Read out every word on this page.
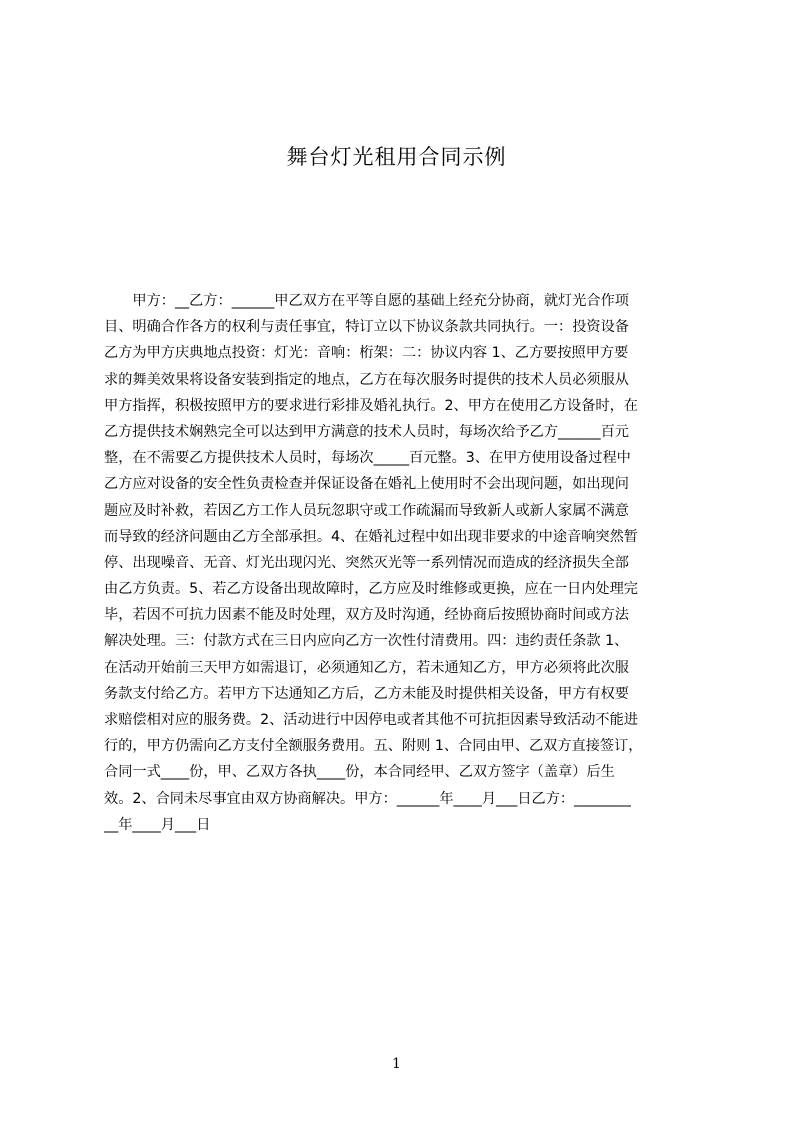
舞台灯光租用合同示例
　　甲方：__乙方：______甲乙双方在平等自愿的基础上经充分协商，就灯光合作项
目、明确合作各方的权利与责任事宜，特订立以下协议条款共同执行。一：投资设备
乙方为甲方庆典地点投资：灯光：音响：桁架：二：协议内容 1、乙方要按照甲方要
求的舞美效果将设备安装到指定的地点，乙方在每次服务时提供的技术人员必须服从
甲方指挥，积极按照甲方的要求进行彩排及婚礼执行。2、甲方在使用乙方设备时，在
乙方提供技术娴熟完全可以达到甲方满意的技术人员时，每场次给予乙方______百元
整，在不需要乙方提供技术人员时，每场次_____百元整。3、在甲方使用设备过程中
乙方应对设备的安全性负责检查并保证设备在婚礼上使用时不会出现问题，如出现问
题应及时补救，若因乙方工作人员玩忽职守或工作疏漏而导致新人或新人家属不满意
而导致的经济问题由乙方全部承担。4、在婚礼过程中如出现非要求的中途音响突然暂
停、出现噪音、无音、灯光出现闪光、突然灭光等一系列情况而造成的经济损失全部
由乙方负责。5、若乙方设备出现故障时，乙方应及时维修或更换，应在一日内处理完
毕，若因不可抗力因素不能及时处理，双方及时沟通，经协商后按照协商时间或方法
解决处理。三：付款方式在三日内应向乙方一次性付清费用。四：违约责任条款 1、
在活动开始前三天甲方如需退订，必须通知乙方，若未通知乙方，甲方必须将此次服
务款支付给乙方。若甲方下达通知乙方后，乙方未能及时提供相关设备，甲方有权要
求赔偿相对应的服务费。2、活动进行中因停电或者其他不可抗拒因素导致活动不能进
行的，甲方仍需向乙方支付全额服务费用。五、附则 1、合同由甲、乙双方直接签订，
合同一式____份，甲、乙双方各执____份，本合同经甲、乙双方签字（盖章）后生
效。2、合同未尽事宜由双方协商解决。甲方：______年____月___日乙方：________
__年____月___日
1
